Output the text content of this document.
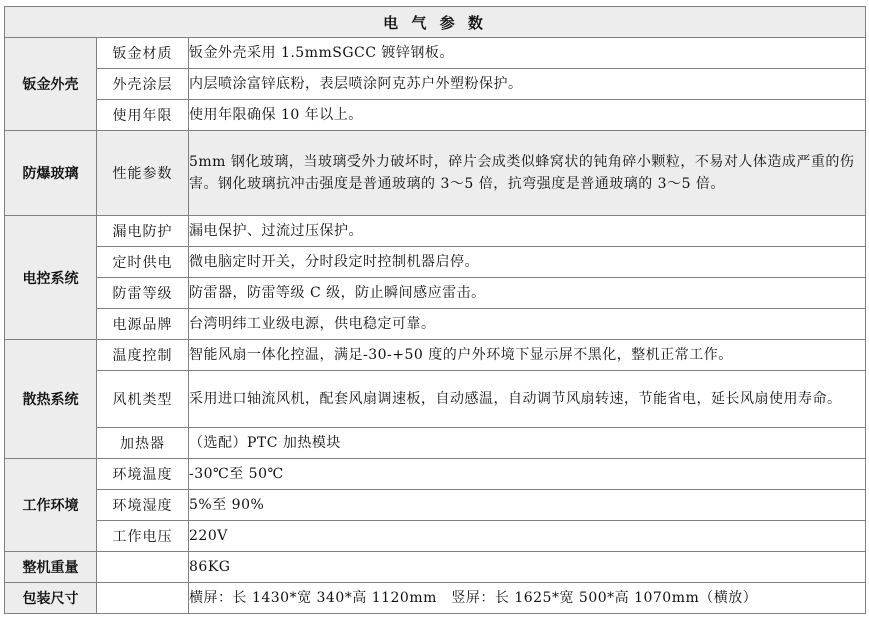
电 气 参 数		
钣金外壳	钣金材质	钣金外壳采用 1.5mmSGCC 镀锌钢板。
	外壳涂层	内层喷涂富锌底粉，表层喷涂阿克苏户外塑粉保护。
	使用年限	使用年限确保 10 年以上。
防爆玻璃	性能参数	5mm 钢化玻璃，当玻璃受外力破坏时，碎片会成类似蜂窝状的钝角碎小颗粒，不易对人体造成严重的伤害。钢化玻璃抗冲击强度是普通玻璃的 3～5 倍，抗弯强度是普通玻璃的 3～5 倍。
电控系统	漏电防护	漏电保护、过流过压保护。
	定时供电	微电脑定时开关，分时段定时控制机器启停。
	防雷等级	防雷器，防雷等级 C 级，防止瞬间感应雷击。
	电源品牌	台湾明纬工业级电源，供电稳定可靠。
散热系统	温度控制	智能风扇一体化控温，满足-30-+50 度的户外环境下显示屏不黑化，整机正常工作。
	风机类型	采用进口轴流风机，配套风扇调速板，自动感温，自动调节风扇转速，节能省电，延长风扇使用寿命。
	加热器	（选配）PTC 加热模块
工作环境	环境温度	-30℃至 50℃
	环境湿度	5%至 90%
	工作电压	220V
整机重量		86KG
包装尺寸		横屏：长 1430*宽 340*高 1120mm　竖屏：长 1625*宽 500*高 1070mm（横放）
